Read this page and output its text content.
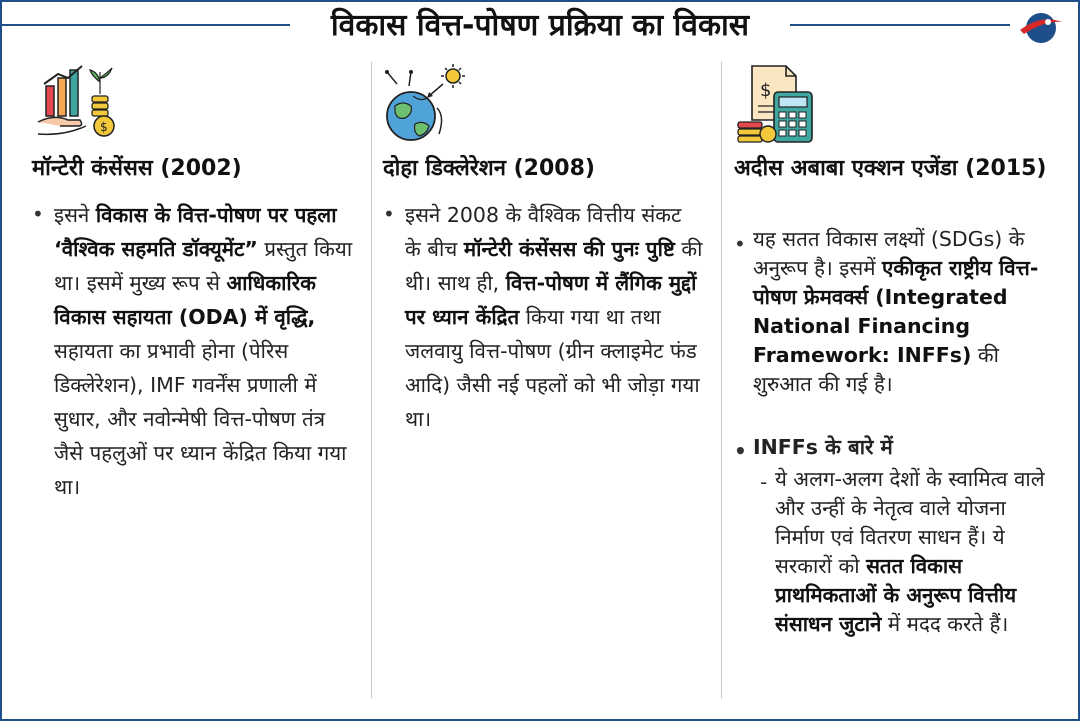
विकास वित्त-पोषण प्रक्रिया का विकास
$
मॉन्टेरी कंसेंसस (2002)
• इसने विकास के वित्त-पोषण पर पहला ‘वैश्विक सहमति डॉक्यूमेंट” प्रस्तुत किया था। इसमें मुख्य रूप से आधिकारिक विकास सहायता (ODA) में वृद्धि, सहायता का प्रभावी होना (पेरिस डिक्लेरेशन), IMF गवर्नेंस प्रणाली में सुधार, और नवोन्मेषी वित्त-पोषण तंत्र जैसे पहलुओं पर ध्यान केंद्रित किया गया था।
दोहा डिक्लेरेशन (2008)
• इसने 2008 के वैश्विक वित्तीय संकट के बीच मॉन्टेरी कंसेंसस की पुनः पुष्टि की थी। साथ ही, वित्त-पोषण में लैंगिक मुद्दों पर ध्यान केंद्रित किया गया था तथा जलवायु वित्त-पोषण (ग्रीन क्लाइमेट फंड आदि) जैसी नई पहलों को भी जोड़ा गया था।
$
अदीस अबाबा एक्शन एजेंडा (2015)
• यह सतत विकास लक्ष्यों (SDGs) के अनुरूप है। इसमें एकीकृत राष्ट्रीय वित्त-पोषण फ्रेमवर्क्स (Integrated National Financing Framework: INFFs) की शुरुआत की गई है।
• INFFs के बारे में
- ये अलग-अलग देशों के स्वामित्व वाले और उन्हीं के नेतृत्व वाले योजना निर्माण एवं वितरण साधन हैं। ये सरकारों को सतत विकास प्राथमिकताओं के अनुरूप वित्तीय संसाधन जुटाने में मदद करते हैं।
